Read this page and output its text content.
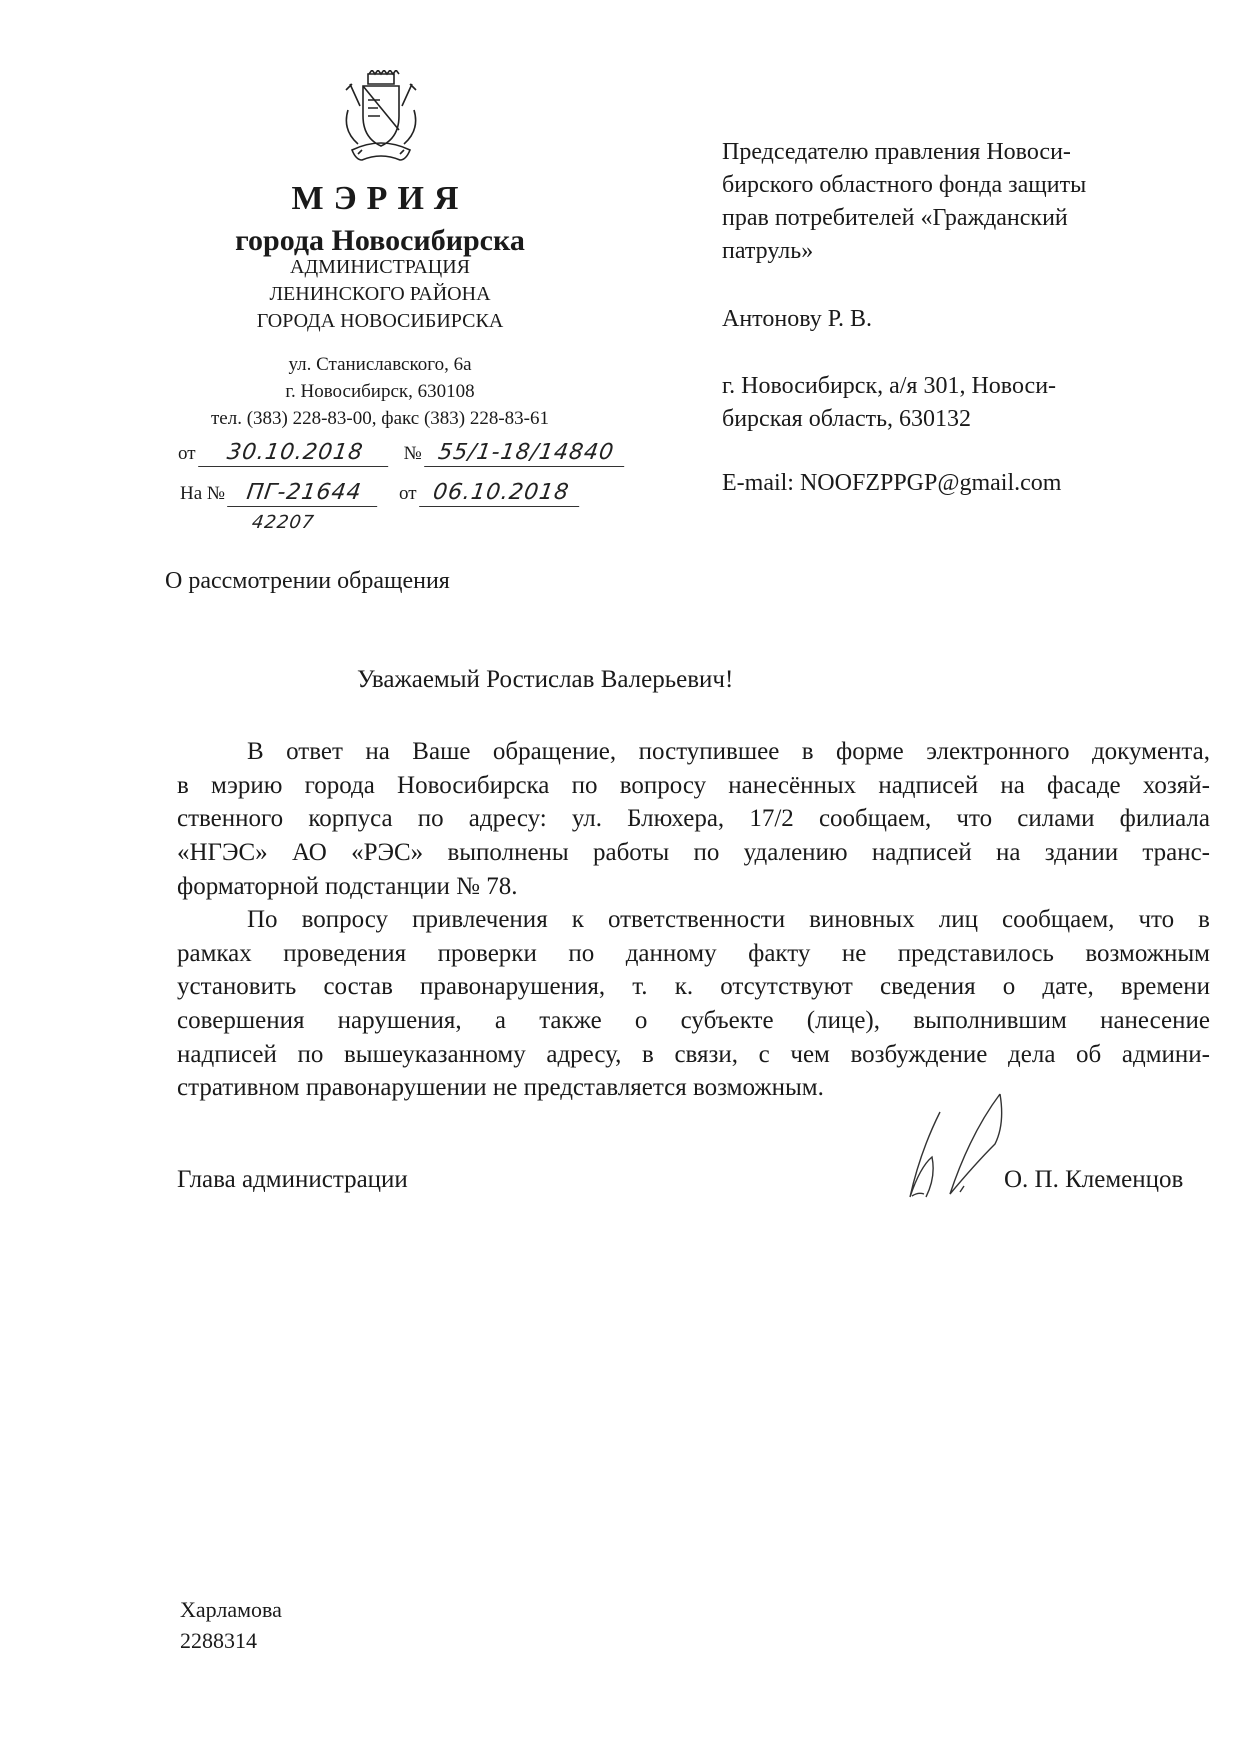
МЭРИЯ
города Новосибирска
АДМИНИСТРАЦИЯ
ЛЕНИНСКОГО РАЙОНА
ГОРОДА НОВОСИБИРСКА
ул. Станиславского, 6а
г. Новосибирск, 630108
тел. (383) 228-83-00, факс (383) 228-83-61
от 30.10.2018 № 55/1-18/14840
На № ПГ-21644 от 06.10.2018
42207
Председателю правления Новоси-
бирского областного фонда защиты
прав потребителей «Гражданский
патруль»
Антонову Р. В.
г. Новосибирск, а/я 301, Новоси-
бирская область, 630132
E-mail: NOOFZPPGP@gmail.com
О рассмотрении обращения
Уважаемый Ростислав Валерьевич!
В ответ на Ваше обращение, поступившее в форме электронного документа,
в мэрию города Новосибирска по вопросу нанесённых надписей на фасаде хозяй-
ственного корпуса по адресу: ул. Блюхера, 17/2 сообщаем, что силами филиала
«НГЭС» АО «РЭС» выполнены работы по удалению надписей на здании транс-
форматорной подстанции № 78.
По вопросу привлечения к ответственности виновных лиц сообщаем, что в
рамках проведения проверки по данному факту не представилось возможным
установить состав правонарушения, т. к. отсутствуют сведения о дате, времени
совершения нарушения, а также о субъекте (лице), выполнившим нанесение
надписей по вышеуказанному адресу, в связи, с чем возбуждение дела об админи-
стративном правонарушении не представляется возможным.
Глава администрации	О. П. Клеменцов
Харламова
2288314
